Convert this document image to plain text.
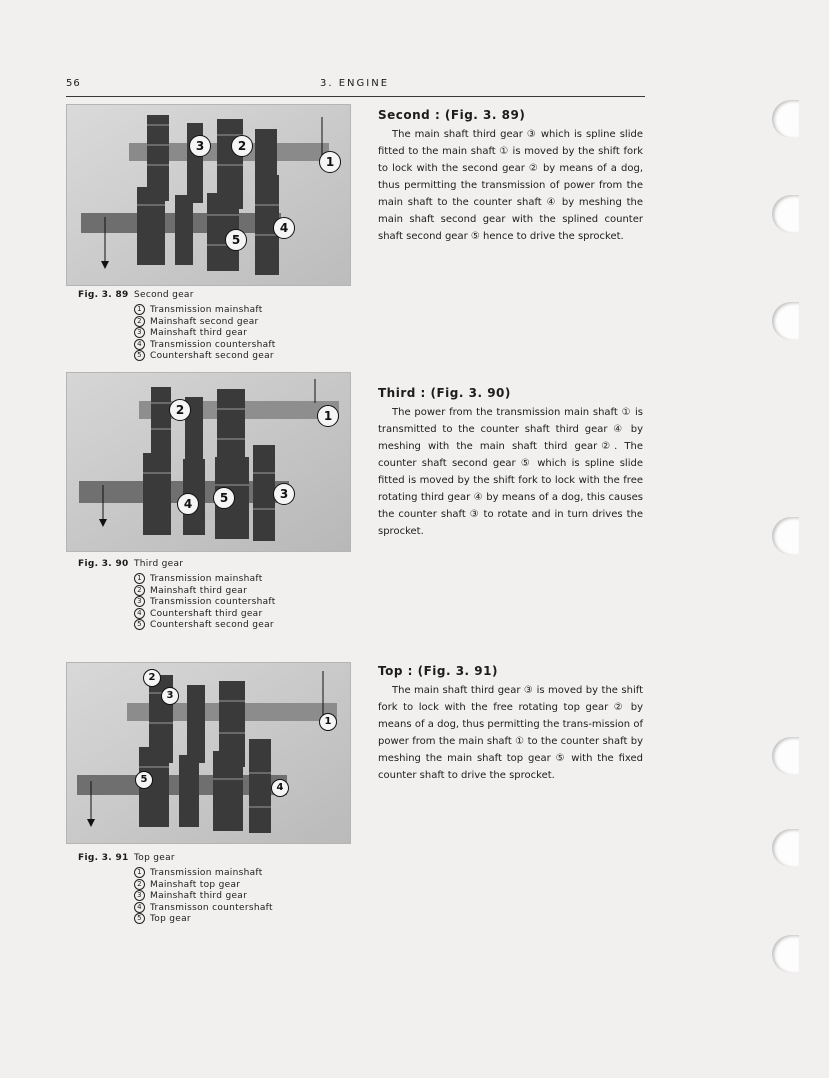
56	3. ENGINE
3	2
1
4
5
Fig. 3. 89 Second gear
1 Transmission mainshaft
2 Mainshaft second gear
3 Mainshaft third gear
4 Transmission countershaft
5 Countershaft second gear

Second : (Fig. 3. 89)

The main shaft third gear ③ which is spline slide fitted to the main shaft ① is moved by the shift fork to lock with the second gear ② by means of a dog, thus permitting the transmission of power from the main shaft to the counter shaft ④ by meshing the main shaft second gear with the splined counter shaft second gear ⑤ hence to drive the sprocket.

2	1
3
5
4
Fig. 3. 90 Third gear
1 Transmission mainshaft
2 Mainshaft third gear
3 Transmission countershaft
4 Countershaft third gear
5 Countershaft second gear

Third : (Fig. 3. 90)

The power from the transmission main shaft ① is transmitted to the counter shaft third gear ④ by meshing with the main shaft third gear②. The counter shaft second gear ⑤ which is spline slide fitted is moved by the shift fork to lock with the free rotating third gear ④ by means of a dog, this causes the counter shaft ③ to rotate and in turn drives the sprocket.

2
3
1
5
4
Fig. 3. 91 Top gear
1 Transmission mainshaft
2 Mainshaft top gear
3 Mainshaft third gear
4 Transmisson countershaft
5 Top gear

Top : (Fig. 3. 91)

The main shaft third gear ③ is moved by the shift fork to lock with the free rotating top gear ② by means of a dog, thus permitting the trans-mission of power from the main shaft ① to the counter shaft by meshing the main shaft top gear ⑤ with the fixed counter shaft to drive the sprocket.
